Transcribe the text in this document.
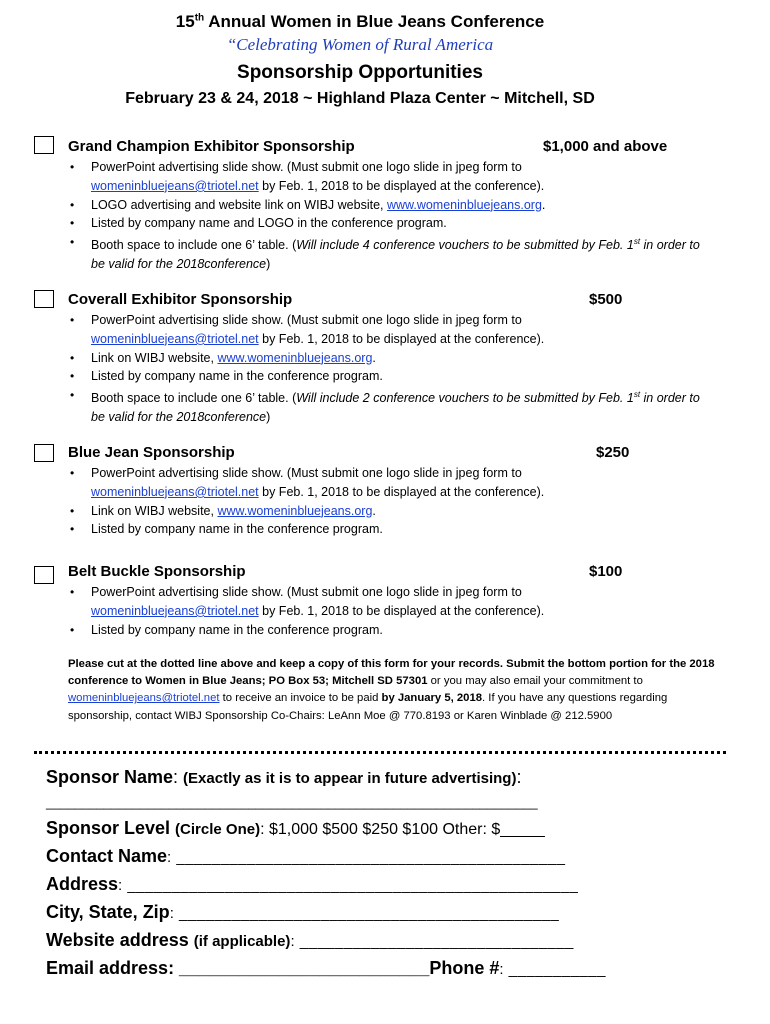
15th Annual Women in Blue Jeans Conference
“Celebrating Women of Rural America
Sponsorship Opportunities
February 23 & 24, 2018 ~ Highland Plaza Center ~ Mitchell, SD
Grand Champion Exhibitor Sponsorship	$1,000 and above
• PowerPoint advertising slide show. (Must submit one logo slide in jpeg form to
womeninbluejeans@triotel.net by Feb. 1, 2018 to be displayed at the conference).
• LOGO advertising and website link on WIBJ website, www.womeninbluejeans.org.
• Listed by company name and LOGO in the conference program.
• Booth space to include one 6’ table. (Will include 4 conference vouchers to be submitted by Feb. 1st in order to be valid for the 2018conference)
Coverall Exhibitor Sponsorship	$500
• PowerPoint advertising slide show. (Must submit one logo slide in jpeg form to
womeninbluejeans@triotel.net by Feb. 1, 2018 to be displayed at the conference).
• Link on WIBJ website, www.womeninbluejeans.org.
• Listed by company name in the conference program.
• Booth space to include one 6’ table. (Will include 2 conference vouchers to be submitted by Feb. 1st in order to be valid for the 2018conference)
Blue Jean Sponsorship	$250
• PowerPoint advertising slide show. (Must submit one logo slide in jpeg form to
womeninbluejeans@triotel.net by Feb. 1, 2018 to be displayed at the conference).
• Link on WIBJ website, www.womeninbluejeans.org.
• Listed by company name in the conference program.
Belt Buckle Sponsorship	$100
• PowerPoint advertising slide show. (Must submit one logo slide in jpeg form to
womeninbluejeans@triotel.net by Feb. 1, 2018 to be displayed at the conference).
• Listed by company name in the conference program.
Please cut at the dotted line above and keep a copy of this form for your records. Submit the bottom portion for the 2018 conference to Women in Blue Jeans; PO Box 53; Mitchell SD 57301 or you may also email your commitment to womeninbluejeans@triotel.net to receive an invoice to be paid by January 5, 2018. If you have any questions regarding sponsorship, contact WIBJ Sponsorship Co-Chairs: LeAnn Moe @ 770.8193 or Karen Winblade @ 212.5900
Sponsor Name: (Exactly as it is to appear in future advertising):
____________________________________________________________________
Sponsor Level (Circle One): $1,000 $500 $250 $100 Other: $_____
Contact Name: ____________________________________________
Address: ___________________________________________________
City, State, Zip: ___________________________________________
Website address (if applicable): _______________________________
Email address: _________________________Phone #: ___________
